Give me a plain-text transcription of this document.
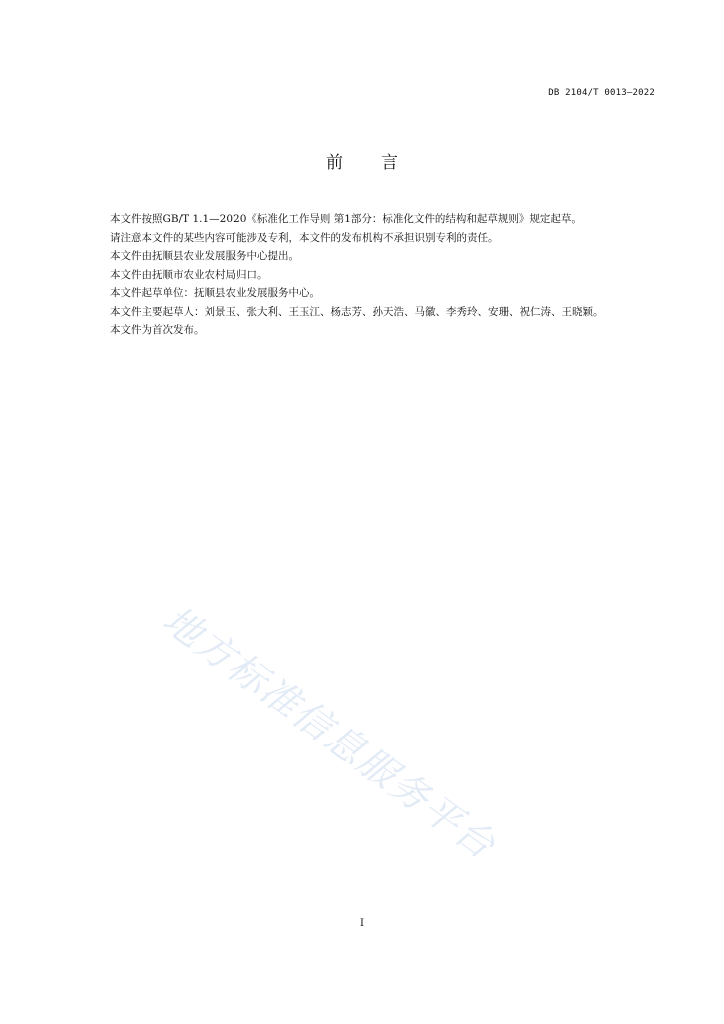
DB 2104/T 0013—2022
前 言

本文件按照GB/T 1.1—2020《标准化工作导则 第1部分：标准化文件的结构和起草规则》规定起草。

请注意本文件的某些内容可能涉及专利，本文件的发布机构不承担识别专利的责任。

本文件由抚顺县农业发展服务中心提出。

本文件由抚顺市农业农村局归口。

本文件起草单位：抚顺县农业发展服务中心。

本文件主要起草人：刘景玉、张大利、王玉江、杨志芳、孙天浩、马徽、李秀玲、安珊、祝仁涛、王晓颖。

本文件为首次发布。

地方标准信息服务平台
I
